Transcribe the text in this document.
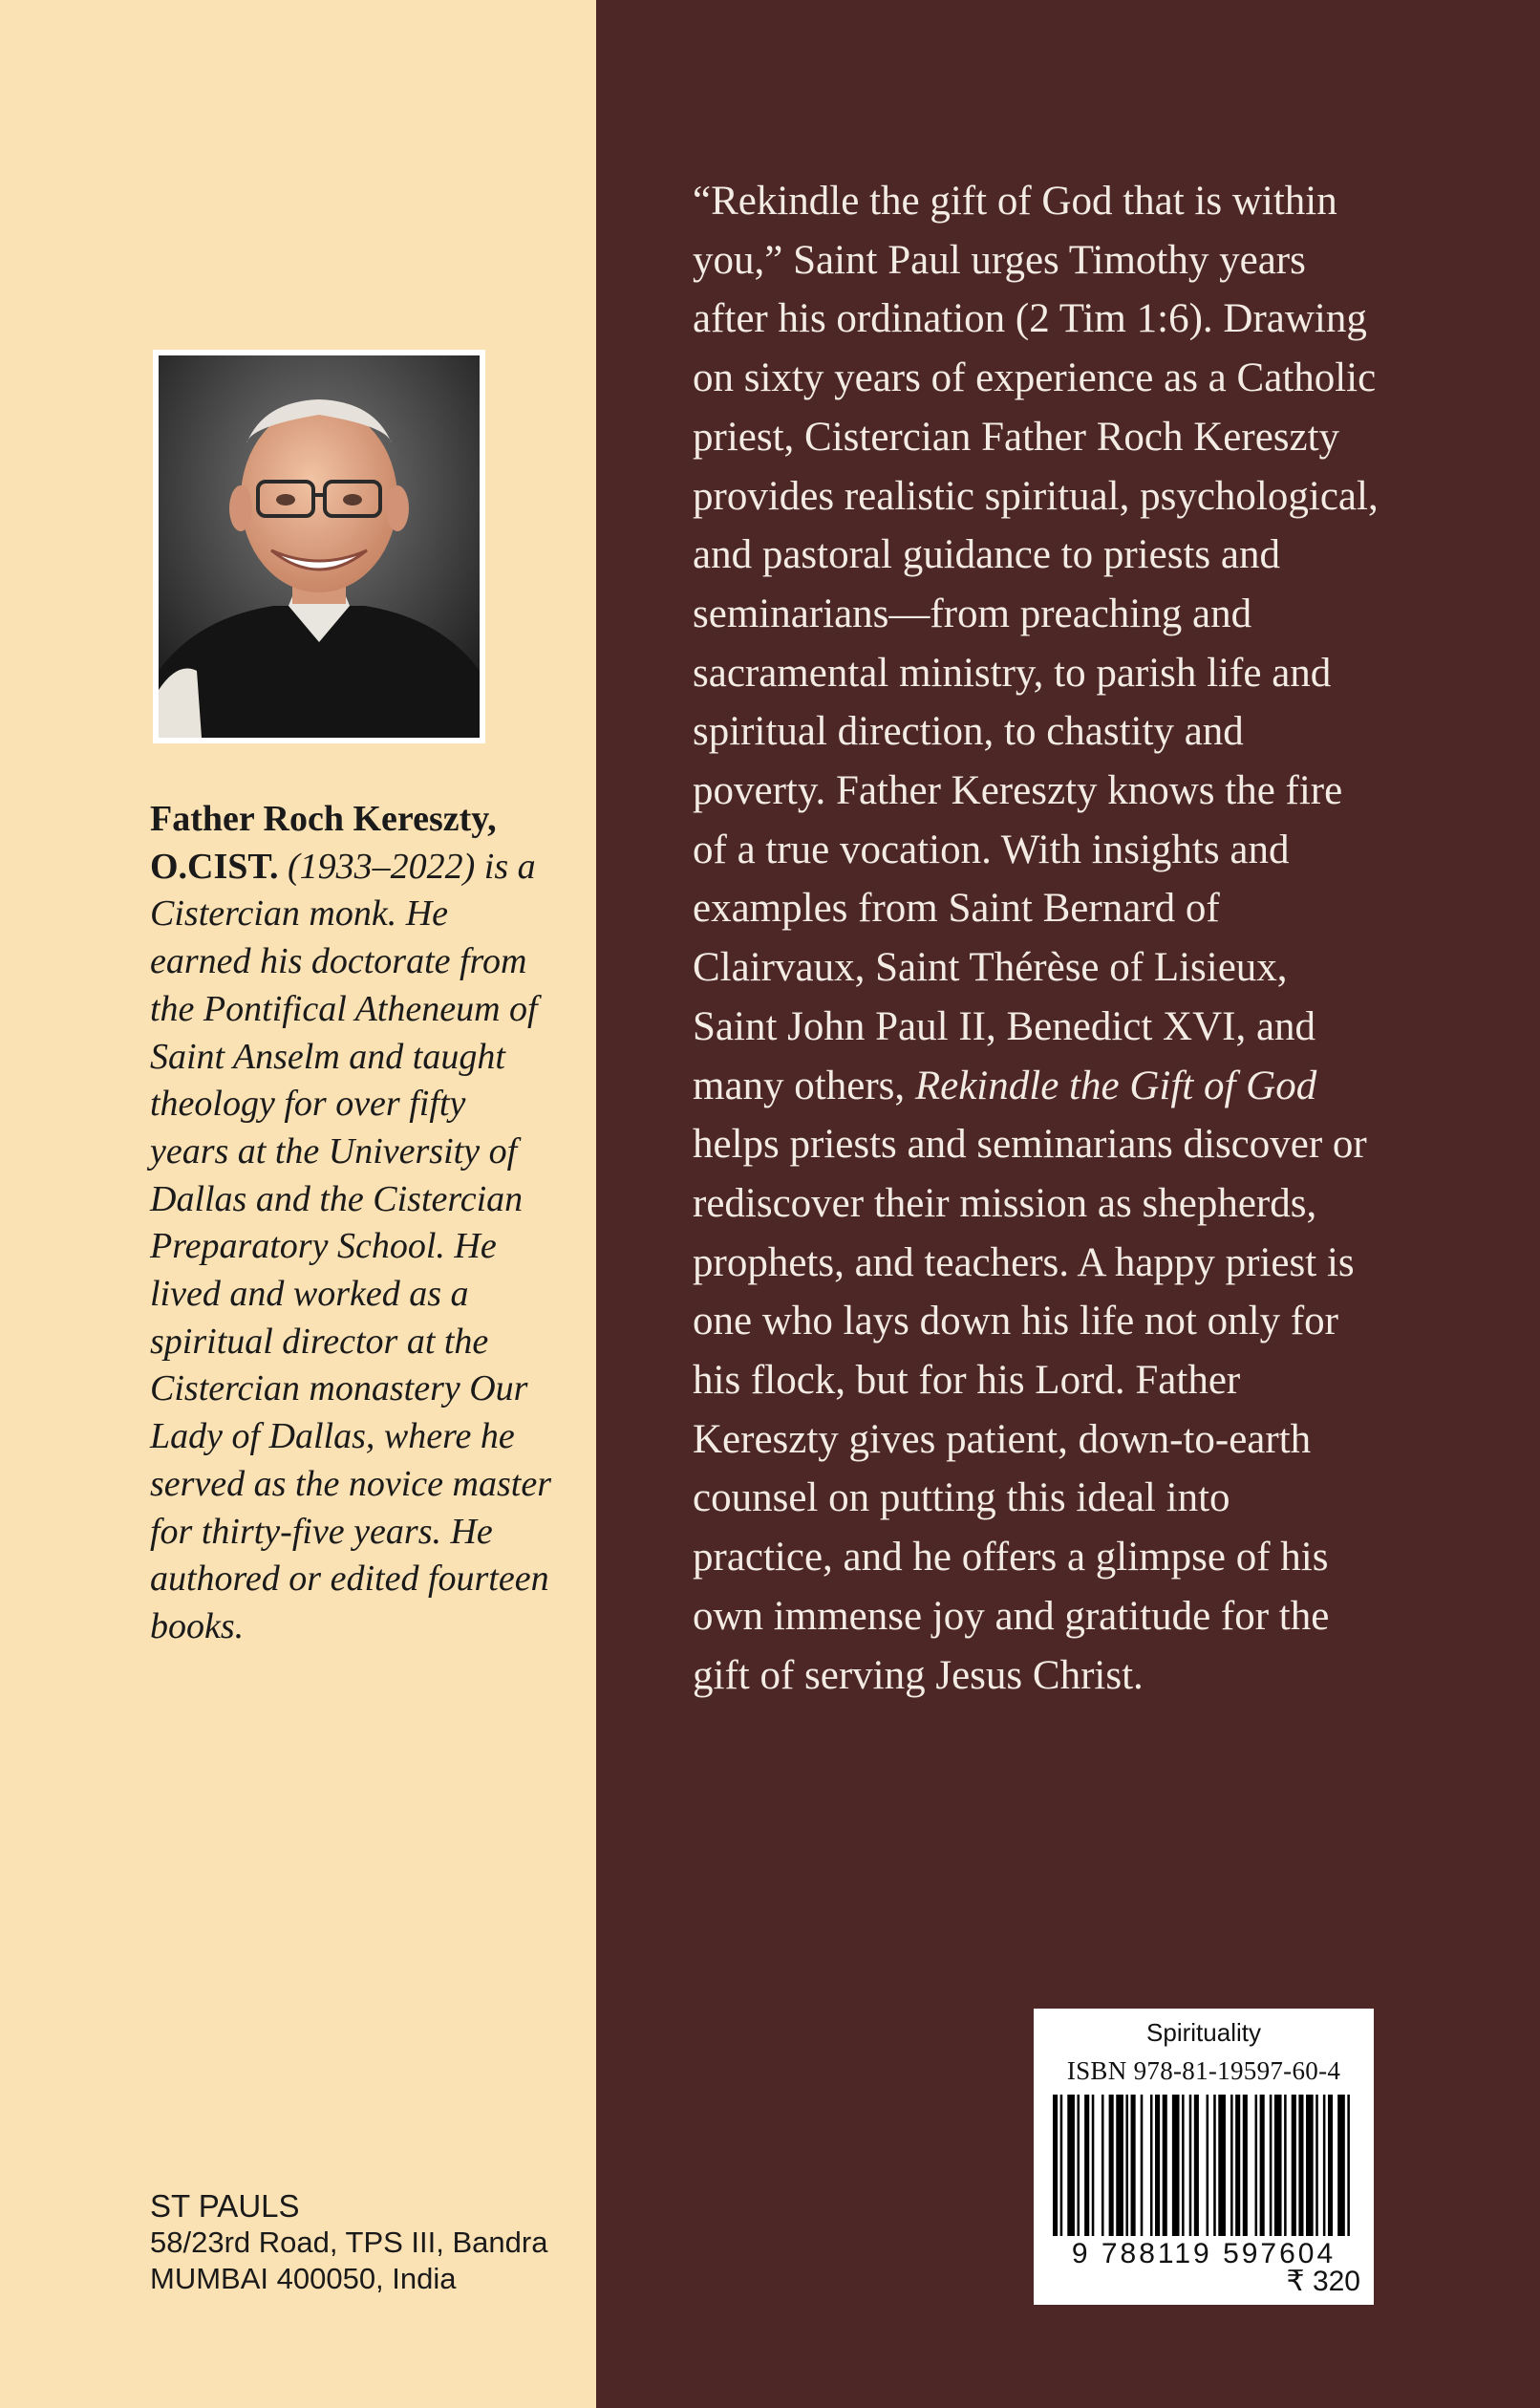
Father Roch Kereszty,
O.CIST. (1933–2022) is a Cistercian monk. He earned his doctorate from the Pontifical Atheneum of Saint Anselm and taught theology for over fifty years at the University of Dallas and the Cistercian Preparatory School. He lived and worked as a spiritual director at the Cistercian monastery Our Lady of Dallas, where he served as the novice master for thirty-five years. He authored or edited fourteen books.
ST PAULS
58/23rd Road, TPS III, Bandra
MUMBAI 400050, India
“Rekindle the gift of God that is within you,” Saint Paul urges Timothy years after his ordination (2 Tim 1:6). Drawing on sixty years of experience as a Catholic priest, Cistercian Father Roch Kereszty provides realistic spiritual, psychological, and pastoral guidance to priests and seminarians—from preaching and sacramental ministry, to parish life and spiritual direction, to chastity and poverty. Father Kereszty knows the fire of a true vocation. With insights and examples from Saint Bernard of Clairvaux, Saint Thérèse of Lisieux, Saint John Paul II, Benedict XVI, and many others, Rekindle the Gift of God helps priests and seminarians discover or rediscover their mission as shepherds, prophets, and teachers. A happy priest is one who lays down his life not only for his flock, but for his Lord. Father Kereszty gives patient, down-to-earth counsel on putting this ideal into practice, and he offers a glimpse of his own immense joy and gratitude for the gift of serving Jesus Christ.
Spirituality
ISBN 978-81-19597-60-4
9 788119 597604
₹ 320
